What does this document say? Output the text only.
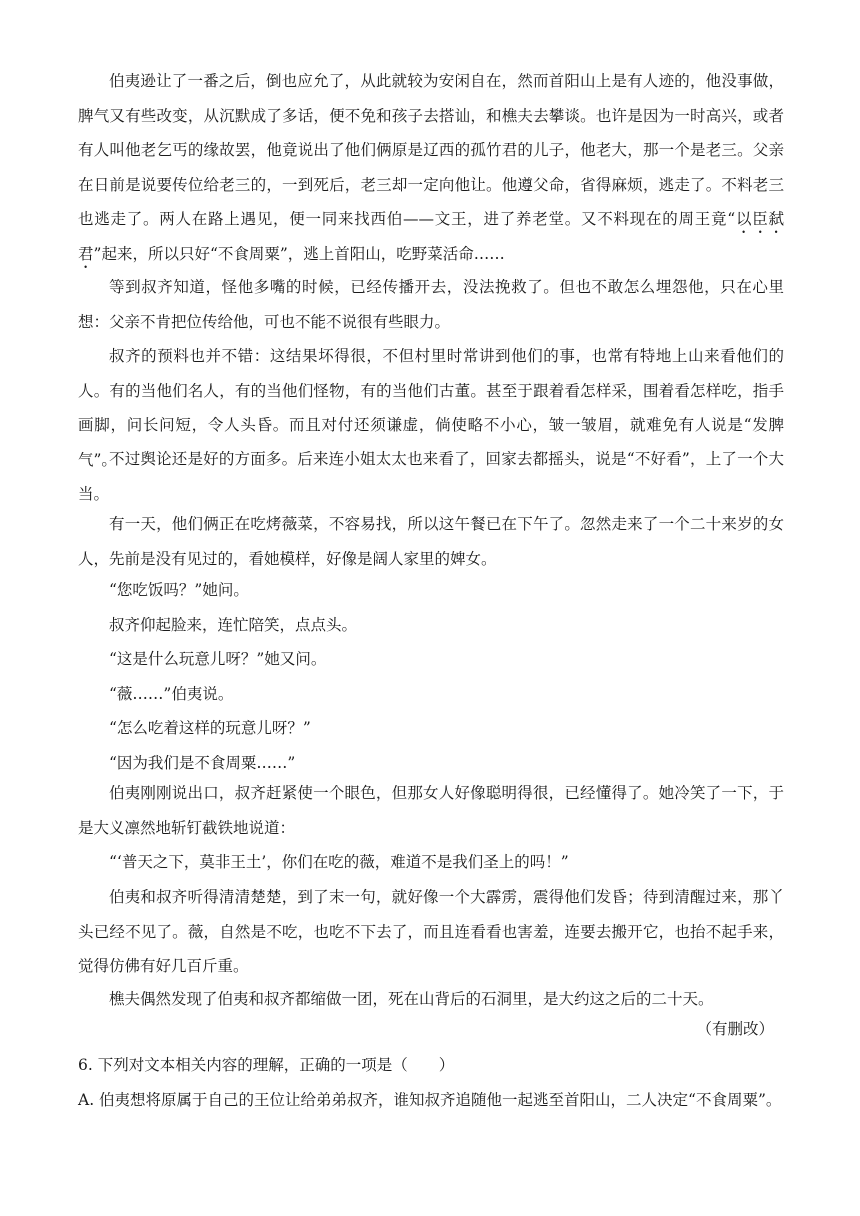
伯夷逊让了一番之后，倒也应允了，从此就较为安闲自在，然而首阳山上是有人迹的，他没事做，脾气又有些改变，从沉默成了多话，便不免和孩子去搭讪，和樵夫去攀谈。也许是因为一时高兴，或者有人叫他老乞丐的缘故罢，他竟说出了他们俩原是辽西的孤竹君的儿子，他老大，那一个是老三。父亲在日前是说要传位给老三的，一到死后，老三却一定向他让。他遵父命，省得麻烦，逃走了。不料老三也逃走了。两人在路上遇见，便一同来找西伯——文王，进了养老堂。又不料现在的周王竟“以臣弑君”起来，所以只好“不食周粟”，逃上首阳山，吃野菜活命……

等到叔齐知道，怪他多嘴的时候，已经传播开去，没法挽救了。但也不敢怎么埋怨他，只在心里想：父亲不肯把位传给他，可也不能不说很有些眼力。

叔齐的预料也并不错：这结果坏得很，不但村里时常讲到他们的事，也常有特地上山来看他们的人。有的当他们名人，有的当他们怪物，有的当他们古董。甚至于跟着看怎样采，围着看怎样吃，指手画脚，问长问短，令人头昏。而且对付还须谦虚，倘使略不小心，皱一皱眉，就难免有人说是“发脾气”。

不过舆论还是好的方面多。后来连小姐太太也来看了，回家去都摇头，说是“不好看”，上了一个大当。

有一天，他们俩正在吃烤薇菜，不容易找，所以这午餐已在下午了。忽然走来了一个二十来岁的女人，先前是没有见过的，看她模样，好像是阔人家里的婢女。

“您吃饭吗？”她问。

叔齐仰起脸来，连忙陪笑，点点头。

“这是什么玩意儿呀？”她又问。

“薇……”伯夷说。

“怎么吃着这样的玩意儿呀？”

“因为我们是不食周粟……”

伯夷刚刚说出口，叔齐赶紧使一个眼色，但那女人好像聪明得很，已经懂得了。她冷笑了一下，于是大义凛然地斩钉截铁地说道：

“‘普天之下，莫非王土’，你们在吃的薇，难道不是我们圣上的吗！”

伯夷和叔齐听得清清楚楚，到了末一句，就好像一个大霹雳，震得他们发昏；待到清醒过来，那丫头已经不见了。薇，自然是不吃，也吃不下去了，而且连看看也害羞，连要去搬开它，也抬不起手来，觉得仿佛有好几百斤重。

樵夫偶然发现了伯夷和叔齐都缩做一团，死在山背后的石洞里，是大约这之后的二十天。

（有删改）

6. 下列对文本相关内容的理解，正确的一项是（　　）

A. 伯夷想将原属于自己的王位让给弟弟叔齐，谁知叔齐追随他一起逃至首阳山，二人决定“不食周粟”。
